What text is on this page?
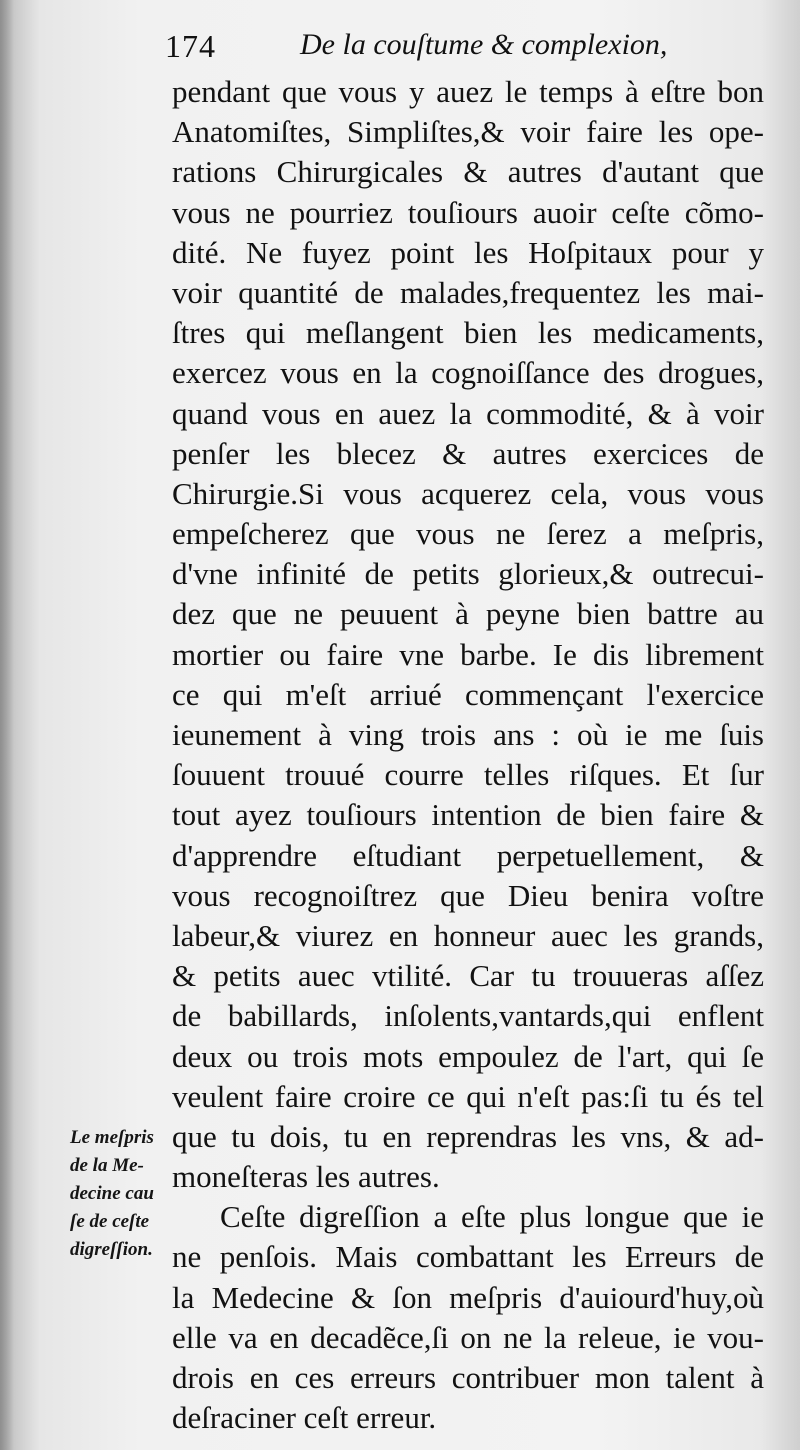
174	De la couſtume & complexion,
pendant que vous y auez le temps à eſtre bon
Anatomiſtes, Simpliſtes,& voir faire les ope-
rations Chirurgicales & autres d'autant que
vous ne pourriez touſiours auoir ceſte cõmo-
dité. Ne fuyez point les Hoſpitaux pour y
voir quantité de malades,frequentez les mai-
ſtres qui meſlangent bien les medicaments,
exercez vous en la cognoiſſance des drogues,
quand vous en auez la commodité, & à voir
penſer les blecez & autres exercices de
Chirurgie.Si vous acquerez cela, vous vous
empeſcherez que vous ne ſerez a meſpris,
d'vne infinité de petits glorieux,& outrecui-
dez que ne peuuent à peyne bien battre au
mortier ou faire vne barbe. Ie dis librement
ce qui m'eſt arriué commençant l'exercice
ieunement à ving trois ans : où ie me ſuis
ſouuent trouué courre telles riſques. Et ſur
tout ayez touſiours intention de bien faire &
d'apprendre eſtudiant perpetuellement, &
vous recognoiſtrez que Dieu benira voſtre
labeur,& viurez en honneur auec les grands,
& petits auec vtilité. Car tu trouueras aſſez
de babillards, inſolents,vantards,qui enflent
deux ou trois mots empoulez de l'art, qui ſe
veulent faire croire ce qui n'eſt pas:ſi tu és tel
que tu dois, tu en reprendras les vns, & ad-
moneſteras les autres.
Ceſte digreſſion a eſte plus longue que ie
ne penſois. Mais combattant les Erreurs de
la Medecine & ſon meſpris d'auiourd'huy,où
elle va en decadẽce,ſi on ne la releue, ie vou-
drois en ces erreurs contribuer mon talent à
deſraciner ceſt erreur.
Le meſpris
de la Me-
decine cau
ſe de ceſte
digreſſion.
